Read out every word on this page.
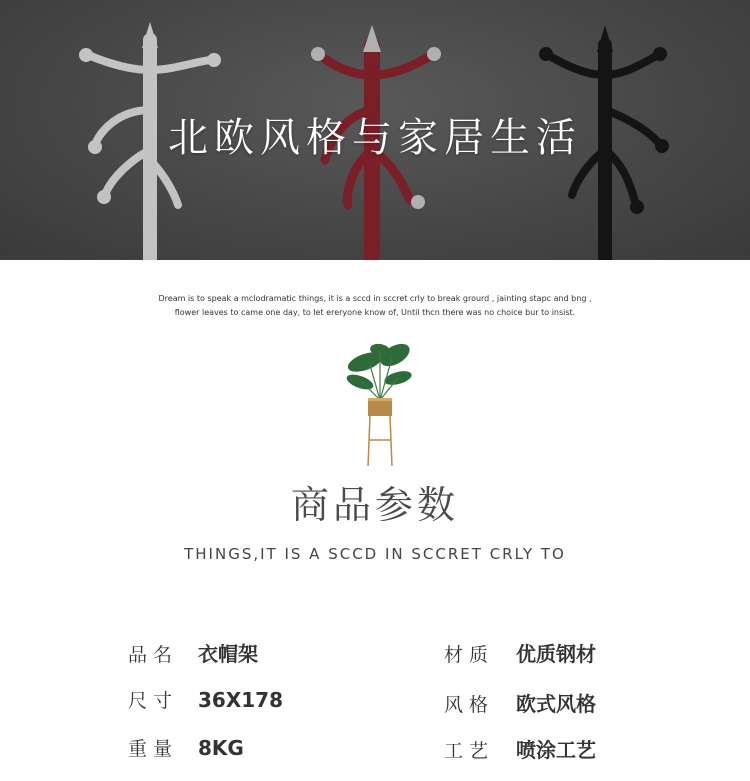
北欧风格与家居生活
Dream is to speak a mclodramatic things, it is a sccd in sccret crly to break grourd , jainting stapc and bng ,
flower leaves to came one day, to let ereryone know of, Until thcn there was no choice bur to insist.
商品参数
THINGS,IT IS A SCCD IN SCCRET CRLY TO
品名 衣帽架	材质	优质钢材
尺寸 36X178	风格	欧式风格
重量 8KG	工艺	喷涂工艺
